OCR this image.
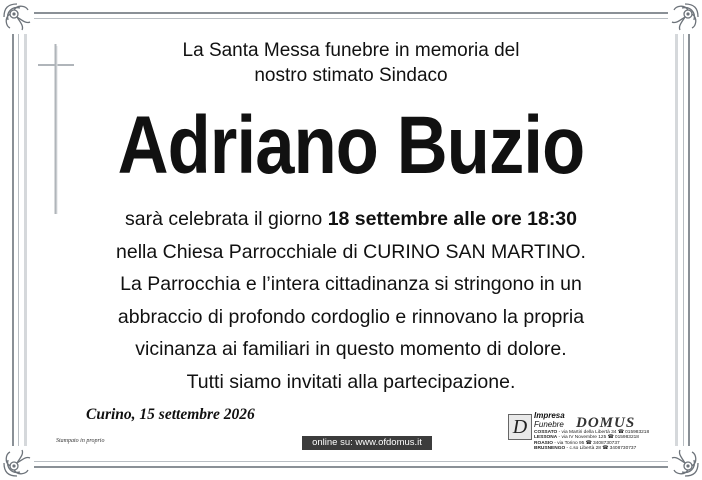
La Santa Messa funebre in memoria del
nostro stimato Sindaco
Adriano Buzio
sarà celebrata il giorno 18 settembre alle ore 18:30
nella Chiesa Parrocchiale di CURINO SAN MARTINO.
La Parrocchia e l’intera cittadinanza si stringono in un
abbraccio di profondo cordoglio e rinnovano la propria
vicinanza ai familiari in questo momento di dolore.
Tutti siamo invitati alla partecipazione.
Curino, 15 settembre 2026
Stampato in proprio	online su: www.ofdomus.it
D
Impresa
Funebre DOMUS
COSSATO - via Martiri della Libertà 34 ☎ 015983218
LESSONA - via IV Novembre 125 ☎ 015983218
ROASIO - via Torino 95 ☎ 3408730737
BRUSNENGO - c.so Libertà 28 ☎ 3408730737
